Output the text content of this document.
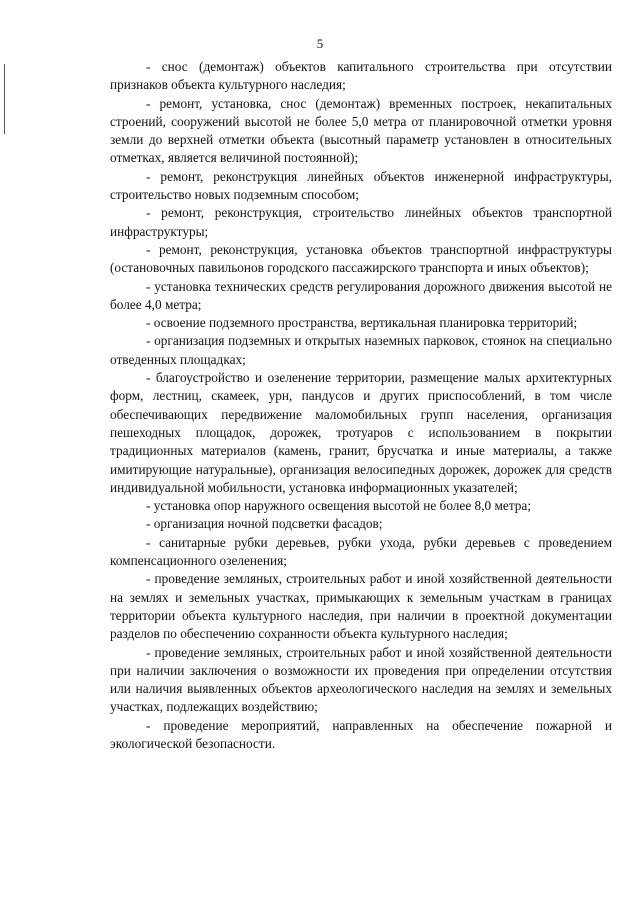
5

- снос (демонтаж) объектов капитального строительства при отсутствии признаков объекта культурного наследия;

- ремонт, установка, снос (демонтаж) временных построек, некапитальных строений, сооружений высотой не более 5,0 метра от планировочной отметки уровня земли до верхней отметки объекта (высотный параметр установлен в относительных отметках, является величиной постоянной);

- ремонт, реконструкция линейных объектов инженерной инфраструктуры, строительство новых подземным способом;

- ремонт, реконструкция, строительство линейных объектов транспортной инфраструктуры;

- ремонт, реконструкция, установка объектов транспортной инфраструктуры (остановочных павильонов городского пассажирского транспорта и иных объектов);

- установка технических средств регулирования дорожного движения высотой не более 4,0 метра;

- освоение подземного пространства, вертикальная планировка территорий;

- организация подземных и открытых наземных парковок, стоянок на специально отведенных площадках;

- благоустройство и озеленение территории, размещение малых архитектурных форм, лестниц, скамеек, урн, пандусов и других приспособлений, в том числе обеспечивающих передвижение маломобильных групп населения, организация пешеходных площадок, дорожек, тротуаров с использованием в покрытии традиционных материалов (камень, гранит, брусчатка и иные материалы, а также имитирующие натуральные), организация велосипедных дорожек, дорожек для средств индивидуальной мобильности, установка информационных указателей;

- установка опор наружного освещения высотой не более 8,0 метра;

- организация ночной подсветки фасадов;

- санитарные рубки деревьев, рубки ухода, рубки деревьев с проведением компенсационного озеленения;

- проведение земляных, строительных работ и иной хозяйственной деятельности на землях и земельных участках, примыкающих к земельным участкам в границах территории объекта культурного наследия, при наличии в проектной документации разделов по обеспечению сохранности объекта культурного наследия;

- проведение земляных, строительных работ и иной хозяйственной деятельности при наличии заключения о возможности их проведения при определении отсутствия или наличия выявленных объектов археологического наследия на землях и земельных участках, подлежащих воздействию;

- проведение мероприятий, направленных на обеспечение пожарной и экологической безопасности.
